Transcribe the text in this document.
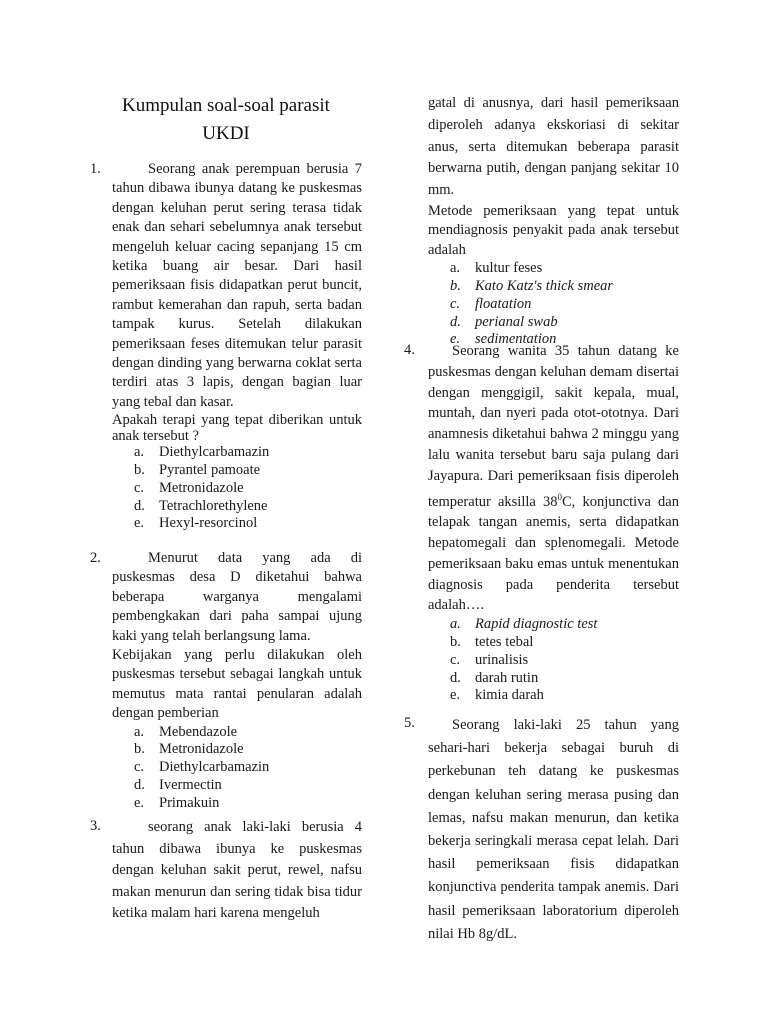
Kumpulan soal-soal parasit UKDI
1.	Seorang anak perempuan berusia 7 tahun dibawa ibunya datang ke puskesmas dengan keluhan perut sering terasa tidak enak dan sehari sebelumnya anak tersebut mengeluh keluar cacing sepanjang 15 cm ketika buang air besar. Dari hasil pemeriksaan fisis didapatkan perut buncit, rambut kemerahan dan rapuh, serta badan tampak kurus. Setelah dilakukan pemeriksaan feses ditemukan telur parasit dengan dinding yang berwarna coklat serta terdiri atas 3 lapis, dengan bagian luar yang tebal dan kasar.

Apakah terapi yang tepat diberikan untuk anak tersebut ?

a. Diethylcarbamazin
b. Pyrantel pamoate
c. Metronidazole
d. Tetrachlorethylene
e. Hexyl-resorcinol
2.	Menurut data yang ada di puskesmas desa D diketahui bahwa beberapa warganya mengalami pembengkakan dari paha sampai ujung kaki yang telah berlangsung lama.

Kebijakan yang perlu dilakukan oleh puskesmas tersebut sebagai langkah untuk memutus mata rantai penularan adalah dengan pemberian

a. Mebendazole
b. Metronidazole
c. Diethylcarbamazin
d. Ivermectin
e. Primakuin
3.	seorang anak laki-laki berusia 4 tahun dibawa ibunya ke puskesmas dengan keluhan sakit perut, rewel, nafsu makan menurun dan sering tidak bisa tidur ketika malam hari karena mengeluh

gatal di anusnya, dari hasil pemeriksaan diperoleh adanya ekskoriasi di sekitar anus, serta ditemukan beberapa parasit berwarna putih, dengan panjang sekitar 10 mm.

Metode pemeriksaan yang tepat untuk mendiagnosis penyakit pada anak tersebut adalah

a. kultur feses
b. Kato Katz's thick smear
c. floatation
d. perianal swab
e. sedimentation
4.	Seorang wanita 35 tahun datang ke puskesmas dengan keluhan demam disertai dengan menggigil, sakit kepala, mual, muntah, dan nyeri pada otot-ototnya. Dari anamnesis diketahui bahwa 2 minggu yang lalu wanita tersebut baru saja pulang dari Jayapura. Dari pemeriksaan fisis diperoleh temperatur aksilla $38^0C$, konjunctiva dan telapak tangan anemis, serta didapatkan hepatomegali dan splenomegali. Metode pemeriksaan baku emas untuk menentukan diagnosis pada penderita tersebut adalah….

a. Rapid diagnostic test
b. tetes tebal
c. urinalisis
d. darah rutin
e. kimia darah
5.	Seorang laki-laki 25 tahun yang sehari-hari bekerja sebagai buruh di perkebunan teh datang ke puskesmas dengan keluhan sering merasa pusing dan lemas, nafsu makan menurun, dan ketika bekerja seringkali merasa cepat lelah. Dari hasil pemeriksaan fisis didapatkan konjunctiva penderita tampak anemis. Dari hasil pemeriksaan laboratorium diperoleh nilai Hb 8g/dL.
